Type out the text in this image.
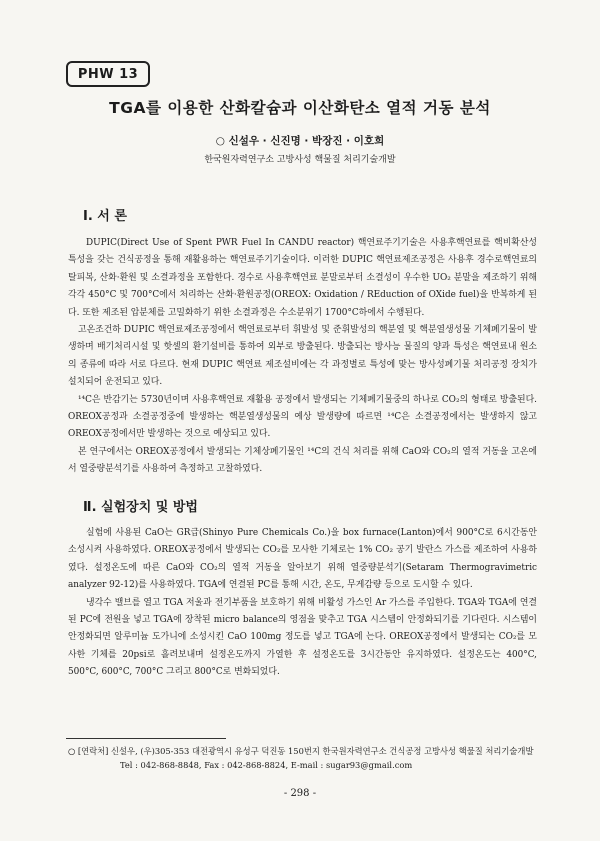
PHW 13
TGA를 이용한 산화칼슘과 이산화탄소 열적 거동 분석
○ 신설우 · 신진명 · 박장진 · 이호희
한국원자력연구소 고방사성 핵물질 처리기술개발
Ⅰ. 서 론

DUPIC(Direct Use of Spent PWR Fuel In CANDU reactor) 핵연료주기기술은 사용후핵연료를 핵비확산성 특성을 갖는 건식공정을 통해 재활용하는 핵연료주기기술이다. 이러한 DUPIC 핵연료제조공정은 사용후 경수로핵연료의 탈피복, 산화·환원 및 소결과정을 포함한다. 경수로 사용후핵연료 분말로부터 소결성이 우수한 UO₂ 분말을 제조하기 위해 각각 450°C 및 700°C에서 처리하는 산화·환원공정(OREOX: Oxidation / REduction of OXide fuel)을 반복하게 된다. 또한 제조된 압분체를 고밀화하기 위한 소결과정은 수소분위기 1700°C하에서 수행된다.

고온조건하 DUPIC 핵연료제조공정에서 핵연료로부터 휘발성 및 준휘발성의 핵분열 및 핵분열생성물 기체폐기물이 발생하며 배기처리시설 및 핫셀의 환기설비를 통하여 외부로 방출된다. 방출되는 방사능 물질의 양과 특성은 핵연료내 원소의 종류에 따라 서로 다르다. 현재 DUPIC 핵연료 제조설비에는 각 과정별로 특성에 맞는 방사성폐기물 처리공정 장치가 설치되어 운전되고 있다.

¹⁴C은 반감기는 5730년이며 사용후핵연료 재활용 공정에서 발생되는 기체폐기물중의 하나로 CO₂의 형태로 방출된다. OREOX공정과 소결공정중에 발생하는 핵분열생성물의 예상 발생량에 따르면 ¹⁴C은 소결공정에서는 발생하지 않고 OREOX공정에서만 발생하는 것으로 예상되고 있다.

본 연구에서는 OREOX공정에서 발생되는 기체상폐기물인 ¹⁴C의 건식 처리를 위해 CaO와 CO₂의 열적 거동을 고온에서 열중량분석기를 사용하여 측정하고 고찰하였다.

Ⅱ. 실험장치 및 방법

실험에 사용된 CaO는 GR급(Shinyo Pure Chemicals Co.)을 box furnace(Lanton)에서 900°C로 6시간동안 소성시켜 사용하였다. OREOX공정에서 발생되는 CO₂를 모사한 기체로는 1% CO₂ 공기 발란스 가스를 제조하여 사용하였다. 설정온도에 따른 CaO와 CO₂의 열적 거동을 알아보기 위해 열중량분석기(Setaram Thermogravimetric analyzer 92-12)를 사용하였다. TGA에 연결된 PC를 통해 시간, 온도, 무게감량 등으로 도시할 수 있다.

냉각수 밸브를 열고 TGA 저울과 전기부품을 보호하기 위해 비활성 가스인 Ar 가스를 주입한다. TGA와 TGA에 연결된 PC에 전원을 넣고 TGA에 장착된 micro balance의 영점을 맞추고 TGA 시스템이 안정화되기를 기다린다. 시스템이 안정화되면 알루미늄 도가니에 소성시킨 CaO 100mg 정도를 넣고 TGA에 는다. OREOX공정에서 발생되는 CO₂를 모사한 기체를 20psi로 흘려보내며 설정온도까지 가열한 후 설정온도를 3시간동안 유지하였다. 설정온도는 400°C, 500°C, 600°C, 700°C 그리고 800°C로 변화되었다.

○ [연락처] 신설우, (우)305-353 대전광역시 유성구 덕진동 150번지 한국원자력연구소 건식공정 고방사성 핵물질 처리기술개발

Tel : 042-868-8848, Fax : 042-868-8824, E-mail : sugar93@gmail.com

- 298 -
